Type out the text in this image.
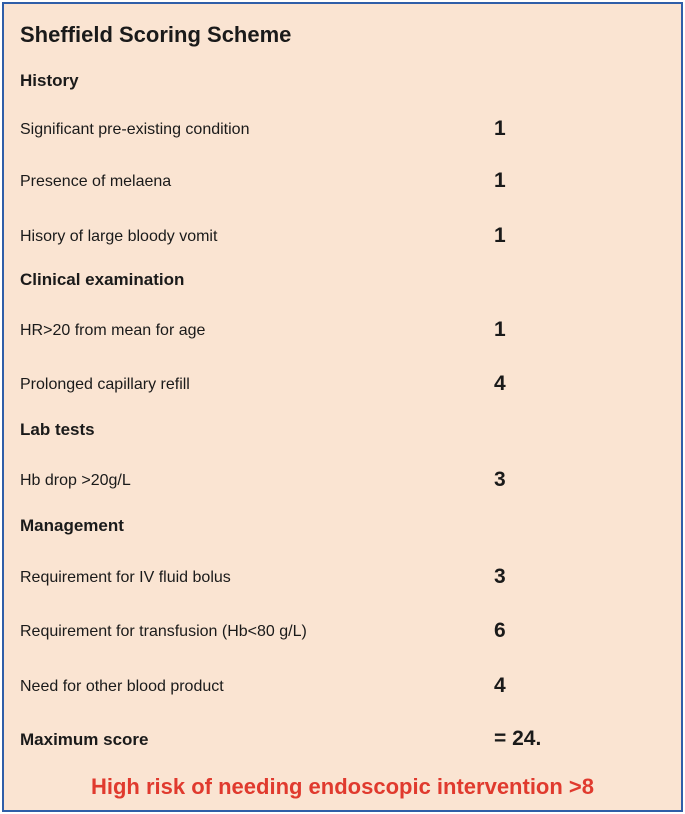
Sheffield Scoring Scheme
History
Significant pre-existing condition	1
Presence of melaena	1
Hisory of large bloody vomit	1
Clinical examination
HR>20 from mean for age	1
Prolonged capillary refill	4
Lab tests
Hb drop >20g/L	3
Management
Requirement for IV fluid bolus	3
Requirement for transfusion (Hb<80 g/L)	6
Need for other blood product	4
Maximum score	= 24.
High risk of needing endoscopic intervention >8
